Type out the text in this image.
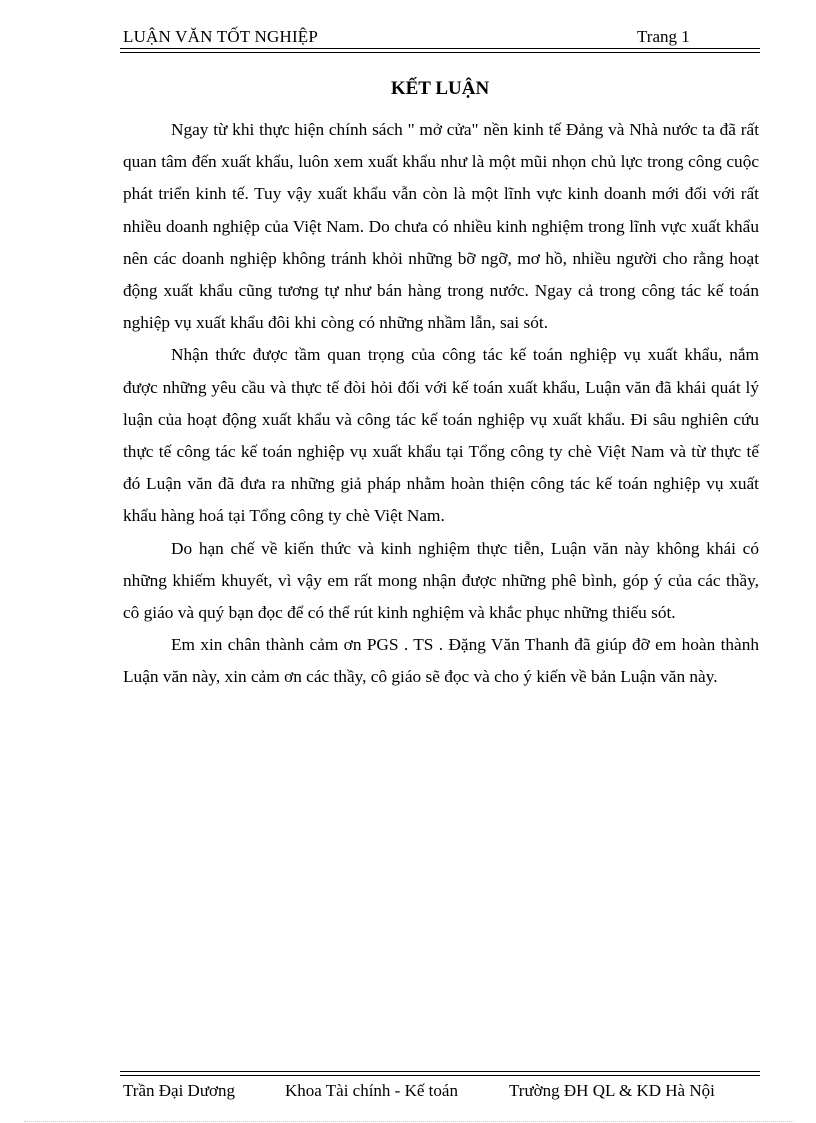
LUẬN VĂN TỐT NGHIỆP	Trang 1
KẾT LUẬN

Ngay từ khi thực hiện chính sách " mở cửa" nền kinh tế Đảng và Nhà nước ta đã rất quan tâm đến xuất khẩu, luôn xem xuất khẩu như là một mũi nhọn chủ lực trong công cuộc phát triển kinh tế. Tuy vậy xuất khẩu vẫn còn là một lĩnh vực kinh doanh mới đối với rất nhiều doanh nghiệp của Việt Nam. Do chưa có nhiều kinh nghiệm trong lĩnh vực xuất khẩu nên các doanh nghiệp không tránh khỏi những bỡ ngỡ, mơ hồ, nhiều người cho rằng hoạt động xuất khẩu cũng tương tự như bán hàng trong nước. Ngay cả trong công tác kế toán nghiệp vụ xuất khẩu đôi khi còng có những nhầm lẫn, sai sót.

Nhận thức được tầm quan trọng của công tác kế toán nghiệp vụ xuất khẩu, nắm được những yêu cầu và thực tế đòi hỏi đối với kế toán xuất khẩu, Luận văn đã khái quát lý luận của hoạt động xuất khẩu và công tác kế toán nghiệp vụ xuất khẩu. Đi sâu nghiên cứu thực tế công tác kế toán nghiệp vụ xuất khẩu tại Tổng công ty chè Việt Nam và từ thực tế đó Luận văn đã đưa ra những giả pháp nhằm hoàn thiện công tác kế toán nghiệp vụ xuất khẩu hàng hoá tại Tổng công ty chè Việt Nam.

Do hạn chế về kiến thức và kinh nghiệm thực tiễn, Luận văn này không khái có những khiếm khuyết, vì vậy em rất mong nhận được những phê bình, góp ý của các thầy, cô giáo và quý bạn đọc để có thể rút kinh nghiệm và khắc phục những thiếu sót.

Em xin chân thành cảm ơn PGS . TS . Đặng Văn Thanh đã giúp đỡ em hoàn thành Luận văn này, xin cảm ơn các thầy, cô giáo sẽ đọc và cho ý kiến về bản Luận văn này.

Trần Đại Dương	Khoa Tài chính - Kế toán	Trường ĐH QL & KD Hà Nội
